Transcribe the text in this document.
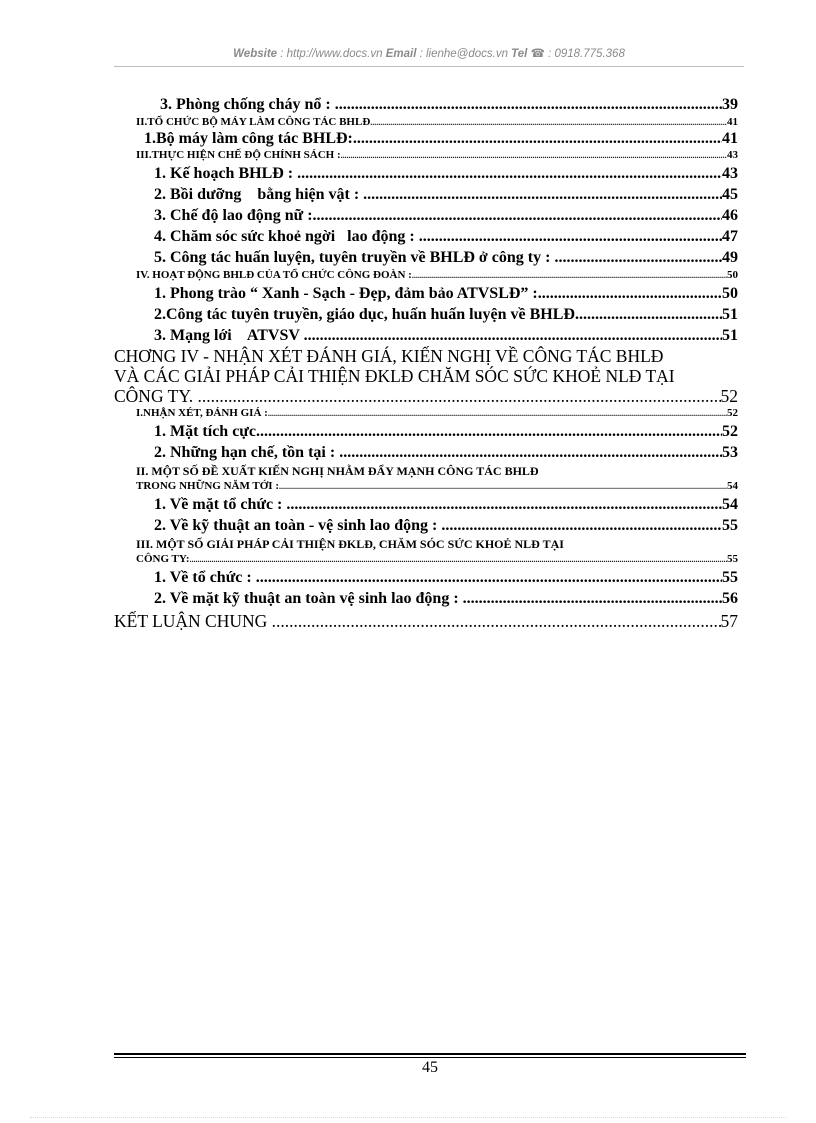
Website : http://www.docs.vn Email : lienhe@docs.vn Tel ☎ : 0918.775.368
3. Phòng chống cháy nổ : .....	39
II.TỔ CHỨC BỘ MÁY LÀM CÔNG TÁC BHLĐ .....	41
1.Bộ máy làm công tác BHLĐ: .....	41
III.THỰC HIỆN CHẾ ĐỘ CHÍNH SÁCH : .....	43
1. Kế hoạch BHLĐ : .....	43
2. Bồi dưỡng    bằng hiện vật : .....	45
3. Chế độ lao động nữ : .....	46
4. Chăm sóc sức khoẻ ngời   lao động : .....	47
5. Công tác huấn luyện, tuyên truyền về BHLĐ ở công ty : .....	49
IV. HOẠT ĐỘNG BHLĐ CỦA TỔ CHỨC CÔNG ĐOÀN : .....	50
1. Phong trào “ Xanh - Sạch - Đẹp, đảm bảo ATVSLĐ” : .....	50
2.Công tác tuyên truyền, giáo dục, huấn huấn luyện về BHLĐ .....	51
3. Mạng lới    ATVSV .....	51
CHƠNG IV - NHẬN XÉT ĐÁNH GIÁ, KIẾN NGHỊ VỀ CÔNG TÁC BHLĐ
VÀ CÁC GIẢI PHÁP CẢI THIỆN ĐKLĐ CHĂM SÓC SỨC KHOẺ NLĐ TẠI
CÔNG TY. .....	52
I.NHẬN XÉT, ĐÁNH GIÁ : .....	52
1. Mặt tích cực .....	52
2. Những hạn chế, tồn tại : .....	53
II. MỘT SỐ ĐỀ XUẤT KIẾN NGHỊ NHẰM ĐẨY MẠNH CÔNG TÁC BHLĐ
TRONG NHỮNG NĂM TỚI : .....	54
1. Về mặt tổ chức : .....	54
2. Về kỹ thuật an toàn - vệ sinh lao động : .....	55
III. MỘT SỐ GIẢI PHÁP CẢI THIỆN ĐKLĐ, CHĂM SÓC SỨC KHOẺ NLĐ TẠI
CÔNG TY: .....	55
1. Về tổ chức : .....	55
2. Về mặt kỹ thuật an toàn vệ sinh lao động : .....	56
KẾT LUẬN CHUNG .....	57
45
